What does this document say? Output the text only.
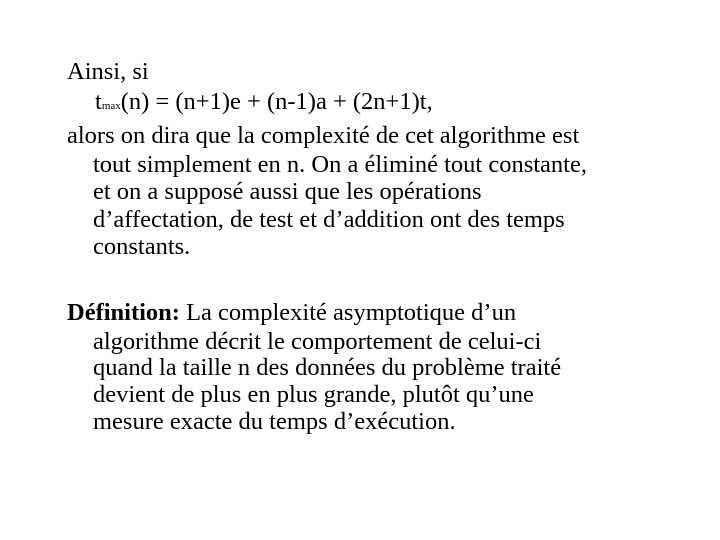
Ainsi, si
tmax(n) = (n+1)e + (n-1)a + (2n+1)t,
alors on dira que la complexité de cet algorithme est
tout simplement en n. On a éliminé tout constante,
et on a supposé aussi que les opérations
d’affectation, de test et d’addition ont des temps
constants.
Définition: La complexité asymptotique d’un
algorithme décrit le comportement de celui-ci
quand la taille n des données du problème traité
devient de plus en plus grande, plutôt qu’une
mesure exacte du temps d’exécution.
